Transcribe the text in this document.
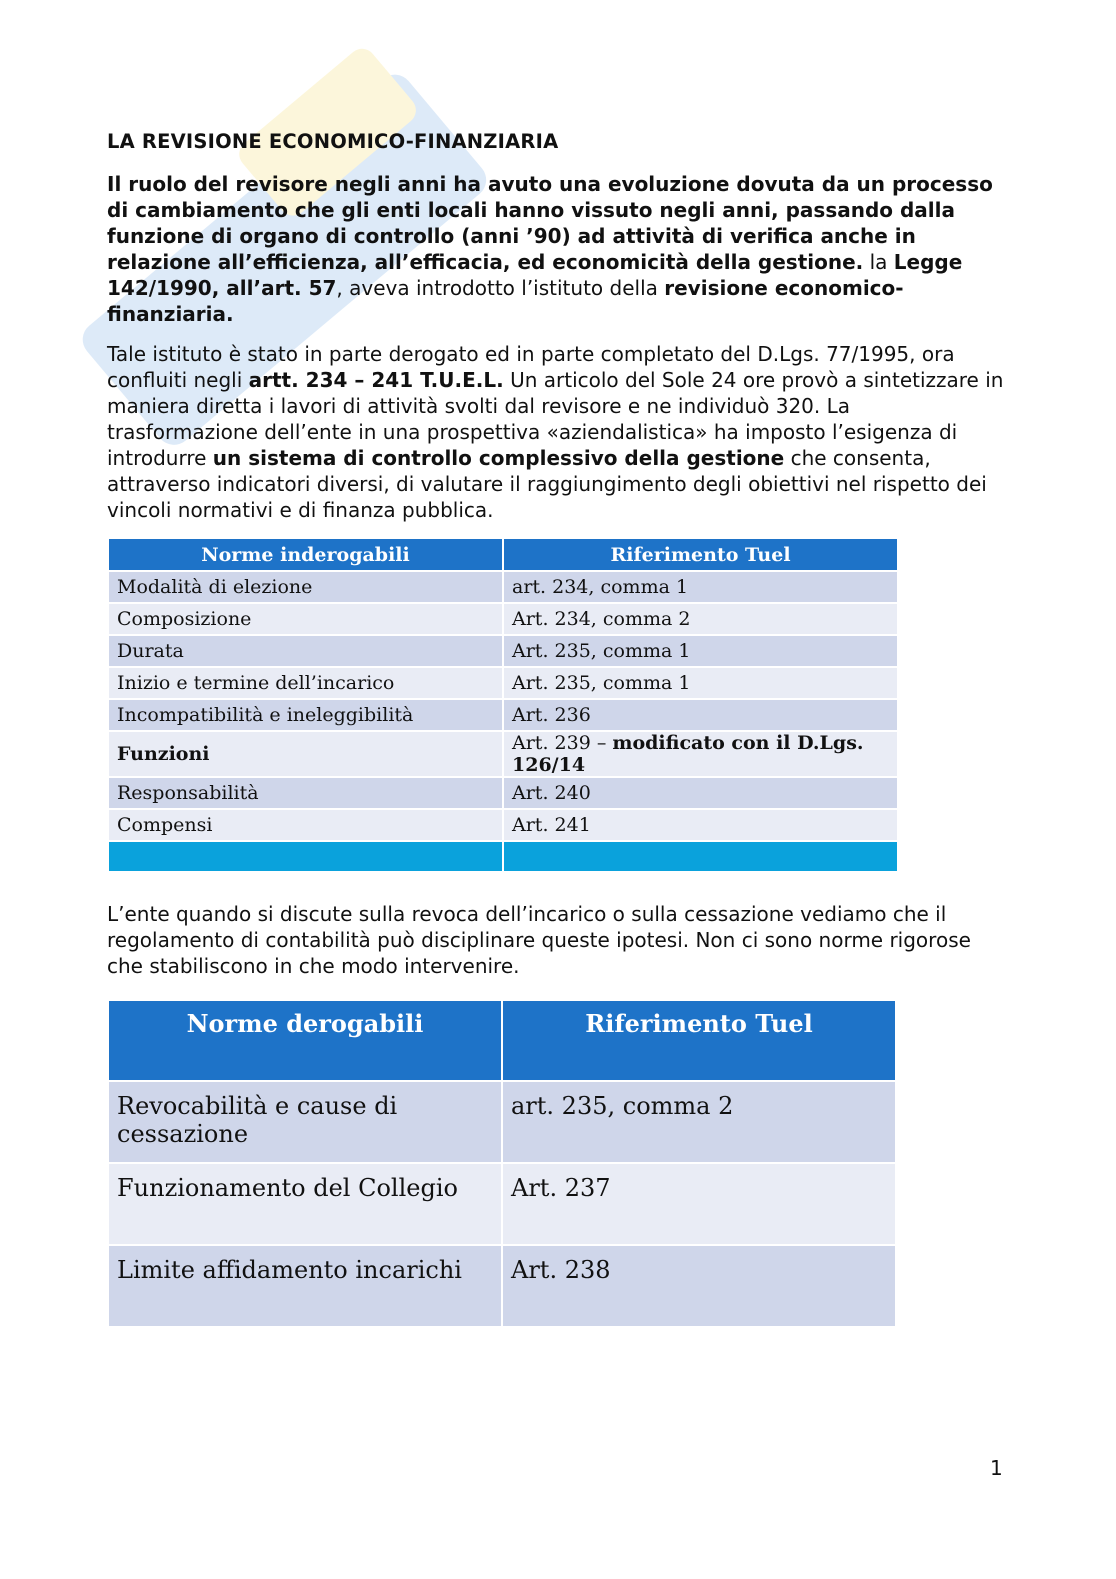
LA REVISIONE ECONOMICO-FINANZIARIA

Il ruolo del revisore negli anni ha avuto una evoluzione dovuta da un processo di cambiamento che gli enti locali hanno vissuto negli anni, passando dalla funzione di organo di controllo (anni ’90) ad attività di verifica anche in relazione all’efficienza, all’efficacia, ed economicità della gestione. la Legge 142/1990, all’art. 57, aveva introdotto l’istituto della revisione economico-finanziaria.

Tale istituto è stato in parte derogato ed in parte completato del D.Lgs. 77/1995, ora confluiti negli artt. 234 – 241 T.U.E.L. Un articolo del Sole 24 ore provò a sintetizzare in maniera diretta i lavori di attività svolti dal revisore e ne individuò 320. La trasformazione dell’ente in una prospettiva «aziendalistica» ha imposto l’esigenza di introdurre un sistema di controllo complessivo della gestione che consenta, attraverso indicatori diversi, di valutare il raggiungimento degli obiettivi nel rispetto dei vincoli normativi e di finanza pubblica.

Norme inderogabili	Riferimento Tuel
Modalità di elezione	art. 234, comma 1
Composizione	Art. 234, comma 2
Durata	Art. 235, comma 1
Inizio e termine dell’incarico	Art. 235, comma 1
Incompatibilità e ineleggibilità	Art. 236
Funzioni	Art. 239 – modificato con il D.Lgs. 126/14
Responsabilità	Art. 240
Compensi	Art. 241

L’ente quando si discute sulla revoca dell’incarico o sulla cessazione vediamo che il regolamento di contabilità può disciplinare queste ipotesi. Non ci sono norme rigorose che stabiliscono in che modo intervenire.

Norme derogabili	Riferimento Tuel
Revocabilità e cause di cessazione	art. 235, comma 2
Funzionamento del Collegio	Art. 237
Limite affidamento incarichi	Art. 238
1
